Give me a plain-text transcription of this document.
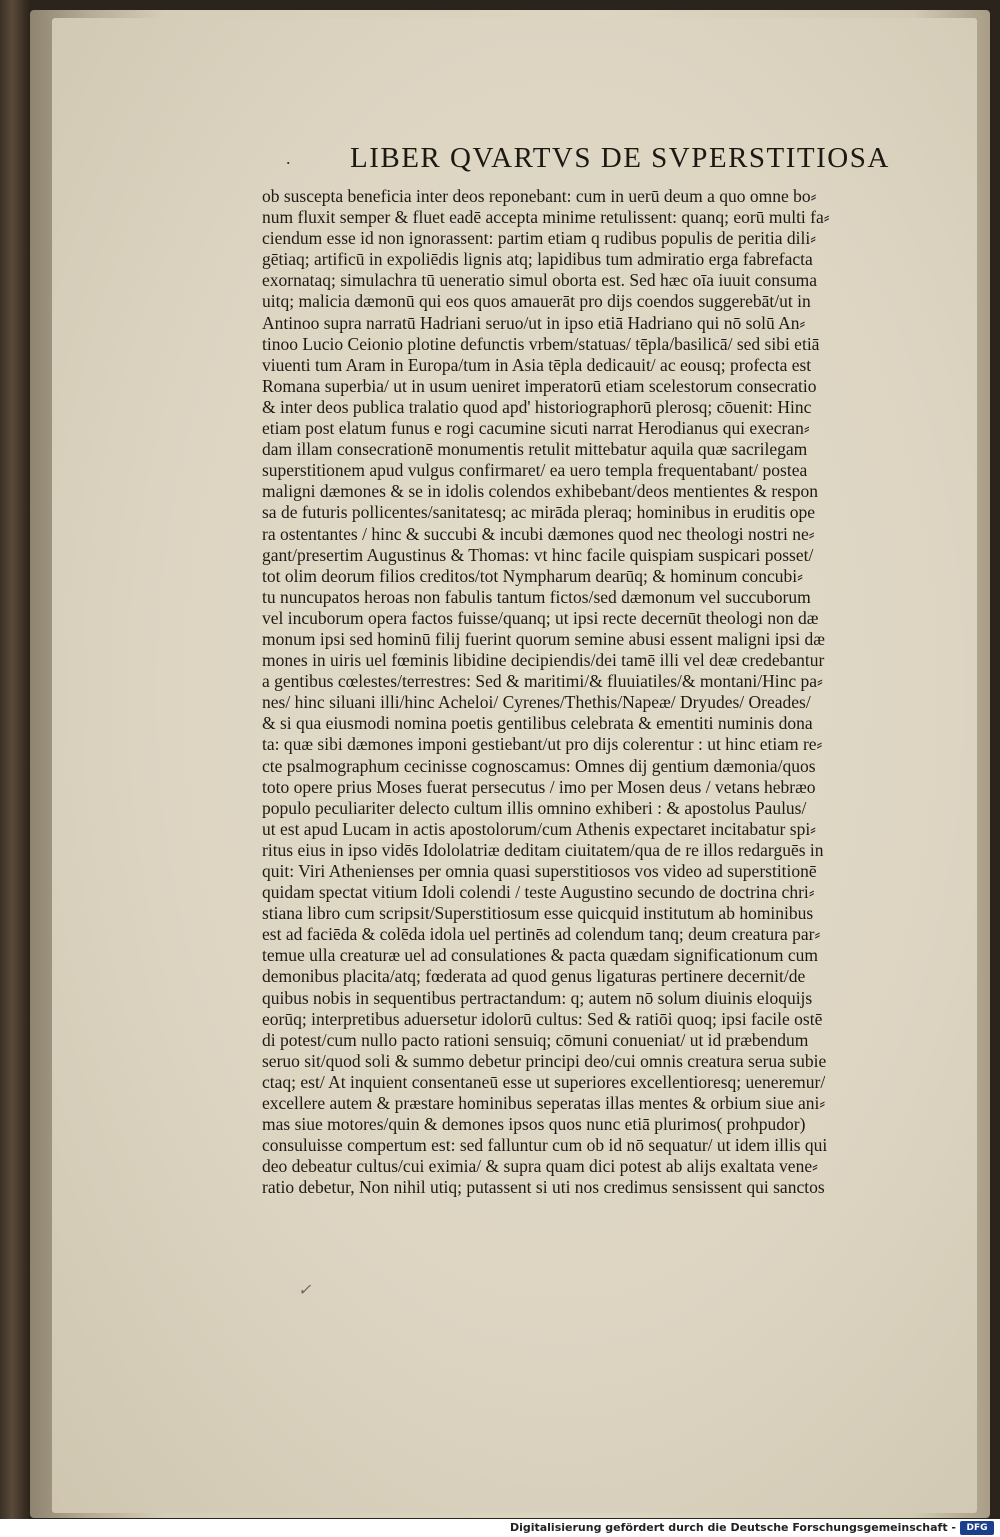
. LIBER QVARTVS DE SVPERSTITIOSA
ob suscepta beneficia inter deos reponebant: cum in uerū deum a quo omne bo⸗
num fluxit semper & fluet eadē accepta minime retulissent: quanq; eorū multi fa⸗
ciendum esse id non ignorassent: partim etiam q rudibus populis de peritia dili⸗
gētiaq; artificū in expoliēdis lignis atq; lapidibus tum admiratio erga fabrefacta
exornataq; simulachra tū ueneratio simul oborta est. Sed hæc oīa iuuit consuma
uitq; malicia dæmonū qui eos quos amauerāt pro dijs coendos suggerebāt/ut in
Antinoo supra narratū Hadriani seruo/ut in ipso etiā Hadriano qui nō solū An⸗
tinoo Lucio Ceionio plotine defunctis vrbem/statuas/ tēpla/basilicā/ sed sibi etiā
viuenti tum Aram in Europa/tum in Asia tēpla dedicauit/ ac eousq; profecta est
Romana superbia/ ut in usum ueniret imperatorū etiam scelestorum consecratio
& inter deos publica tralatio quod apd' historiographorū plerosq; cōuenit: Hinc
etiam post elatum funus e rogi cacumine sicuti narrat Herodianus qui execran⸗
dam illam consecrationē monumentis retulit mittebatur aquila quæ sacrilegam
superstitionem apud vulgus confirmaret/ ea uero templa frequentabant/ postea
maligni dæmones & se in idolis colendos exhibebant/deos mentientes & respon
sa de futuris pollicentes/sanitatesq; ac mirāda pleraq; hominibus in eruditis ope
ra ostentantes / hinc & succubi & incubi dæmones quod nec theologi nostri ne⸗
gant/presertim Augustinus & Thomas: vt hinc facile quispiam suspicari posset/
tot olim deorum filios creditos/tot Nympharum dearūq; & hominum concubi⸗
tu nuncupatos heroas non fabulis tantum fictos/sed dæmonum vel succuborum
vel incuborum opera factos fuisse/quanq; ut ipsi recte decernūt theologi non dæ
monum ipsi sed hominū filij fuerint quorum semine abusi essent maligni ipsi dæ
mones in uiris uel fœminis libidine decipiendis/dei tamē illi vel deæ credebantur
a gentibus cœlestes/terrestres: Sed & maritimi/& fluuiatiles/& montani/Hinc pa⸗
nes/ hinc siluani illi/hinc Acheloi/ Cyrenes/Thethis/Napeæ/ Dryudes/ Oreades/
& si qua eiusmodi nomina poetis gentilibus celebrata & ementiti numinis dona
ta: quæ sibi dæmones imponi gestiebant/ut pro dijs colerentur : ut hinc etiam re⸗
cte psalmographum cecinisse cognoscamus: Omnes dij gentium dæmonia/quos
toto opere prius Moses fuerat persecutus / imo per Mosen deus / vetans hebræo
populo peculiariter delecto cultum illis omnino exhiberi : & apostolus Paulus/
ut est apud Lucam in actis apostolorum/cum Athenis expectaret incitabatur spi⸗
ritus eius in ipso vidēs Idololatriæ deditam ciuitatem/qua de re illos redarguēs in
quit: Viri Athenienses per omnia quasi superstitiosos vos video ad superstitionē
quidam spectat vitium Idoli colendi / teste Augustino secundo de doctrina chri⸗
stiana libro cum scripsit/Superstitiosum esse quicquid institutum ab hominibus
est ad faciēda & colēda idola uel pertinēs ad colendum tanq; deum creatura par⸗
temue ulla creaturæ uel ad consulationes & pacta quædam significationum cum
demonibus placita/atq; fœderata ad quod genus ligaturas pertinere decernit/de
quibus nobis in sequentibus pertractandum: q; autem nō solum diuinis eloquijs
eorūq; interpretibus aduersetur idolorū cultus: Sed & ratiōi quoq; ipsi facile ostē
di potest/cum nullo pacto rationi sensuiq; cōmuni conueniat/ ut id præbendum
seruo sit/quod soli & summo debetur principi deo/cui omnis creatura serua subie
ctaq; est/ At inquient consentaneū esse ut superiores excellentioresq; ueneremur/
excellere autem & præstare hominibus seperatas illas mentes & orbium siue ani⸗
mas siue motores/quin & demones ipsos quos nunc etiā plurimos( prohpudor)
consuluisse compertum est: sed falluntur cum ob id nō sequatur/ ut idem illis qui
deo debeatur cultus/cui eximia/ & supra quam dici potest ab alijs exaltata vene⸗
ratio debetur, Non nihil utiq; putassent si uti nos credimus sensissent qui sanctos
✓
Digitalisierung gefördert durch die Deutsche Forschungsgemeinschaft -	DFG
